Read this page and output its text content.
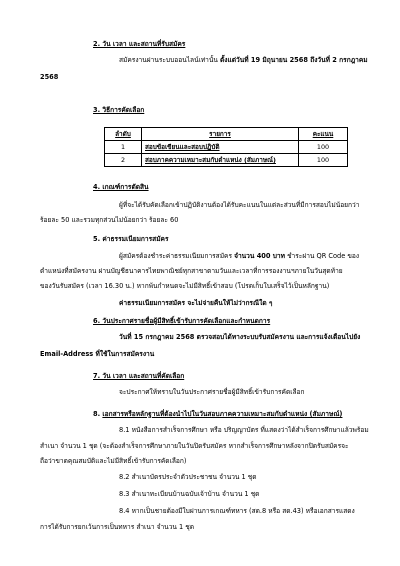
2. วัน เวลา และสถานที่รับสมัคร
สมัครงานผ่านระบบออนไลน์เท่านั้น ตั้งแต่วันที่ 19 มิถุนายน 2568 ถึงวันที่ 2 กรกฎาคม
2568
3. วิธีการคัดเลือก
ลำดับ	รายการ	คะแนน
1	สอบข้อเขียนและสอบปฏิบัติ	100
2	สอบภาคความเหมาะสมกับตำแหน่ง (สัมภาษณ์)	100
4. เกณฑ์การตัดสิน
ผู้ที่จะได้รับคัดเลือกเข้าปฏิบัติงานต้องได้รับคะแนนในแต่ละส่วนที่มีการสอบไม่น้อยกว่า
ร้อยละ 50 และรวมทุกส่วนไม่น้อยกว่า ร้อยละ 60
5. ค่าธรรมเนียมการสมัคร
ผู้สมัครต้องชำระค่าธรรมเนียมการสมัคร จำนวน 400 บาท ชำระผ่าน QR Code ของ
ตำแหน่งที่สมัครงาน ผ่านบัญชีธนาคารไทยพาณิชย์ทุกสาขาตามวันและเวลาที่การรองงานฯภายในวันสุดท้าย
ของวันรับสมัคร (เวลา 16.30 น.) หากพ้นกำหนดจะไม่มีสิทธิ์เข้าสอบ (โปรดเก็บใบเสร็จไว้เป็นหลักฐาน)
ค่าธรรมเนียมการสมัคร จะไม่จ่ายคืนให้ไม่ว่ากรณีใด ๆ
6. วันประกาศรายชื่อผู้มีสิทธิ์เข้ารับการคัดเลือกและกำหนดการ
วันที่ 15 กรกฎาคม 2568 ตรวจสอบได้ทางระบบรับสมัครงาน และการแจ้งเตือนไปยัง
Email-Address ที่ใช้ในการสมัครงาน
7. วัน เวลา และสถานที่คัดเลือก
จะประกาศให้ทราบในวันประกาศรายชื่อผู้มีสิทธิ์เข้ารับการคัดเลือก
8. เอกสารหรือหลักฐานที่ต้องนำไปในวันสอบภาคความเหมาะสมกับตำแหน่ง (สัมภาษณ์)
8.1 หนังสือการสำเร็จการศึกษา หรือ ปริญญาบัตร ที่แสดงว่าได้สำเร็จการศึกษาแล้วพร้อม
สำเนา จำนวน 1 ชุด (จะต้องสำเร็จการศึกษาภายในวันปิดรับสมัคร หากสำเร็จการศึกษาหลังจากปิดรับสมัครจะ
ถือว่าขาดคุณสมบัติและไม่มีสิทธิ์เข้ารับการคัดเลือก)
8.2 สำเนาบัตรประจำตัวประชาชน จำนวน 1 ชุด
8.3 สำเนาทะเบียนบ้านฉบับเจ้าบ้าน จำนวน 1 ชุด
8.4 หากเป็นชายต้องมีใบผ่านการเกณฑ์ทหาร (สด.8 หรือ สด.43) หรือเอกสารแสดง
การได้รับการยกเว้นการเป็นทหาร สำเนา จำนวน 1 ชุด
